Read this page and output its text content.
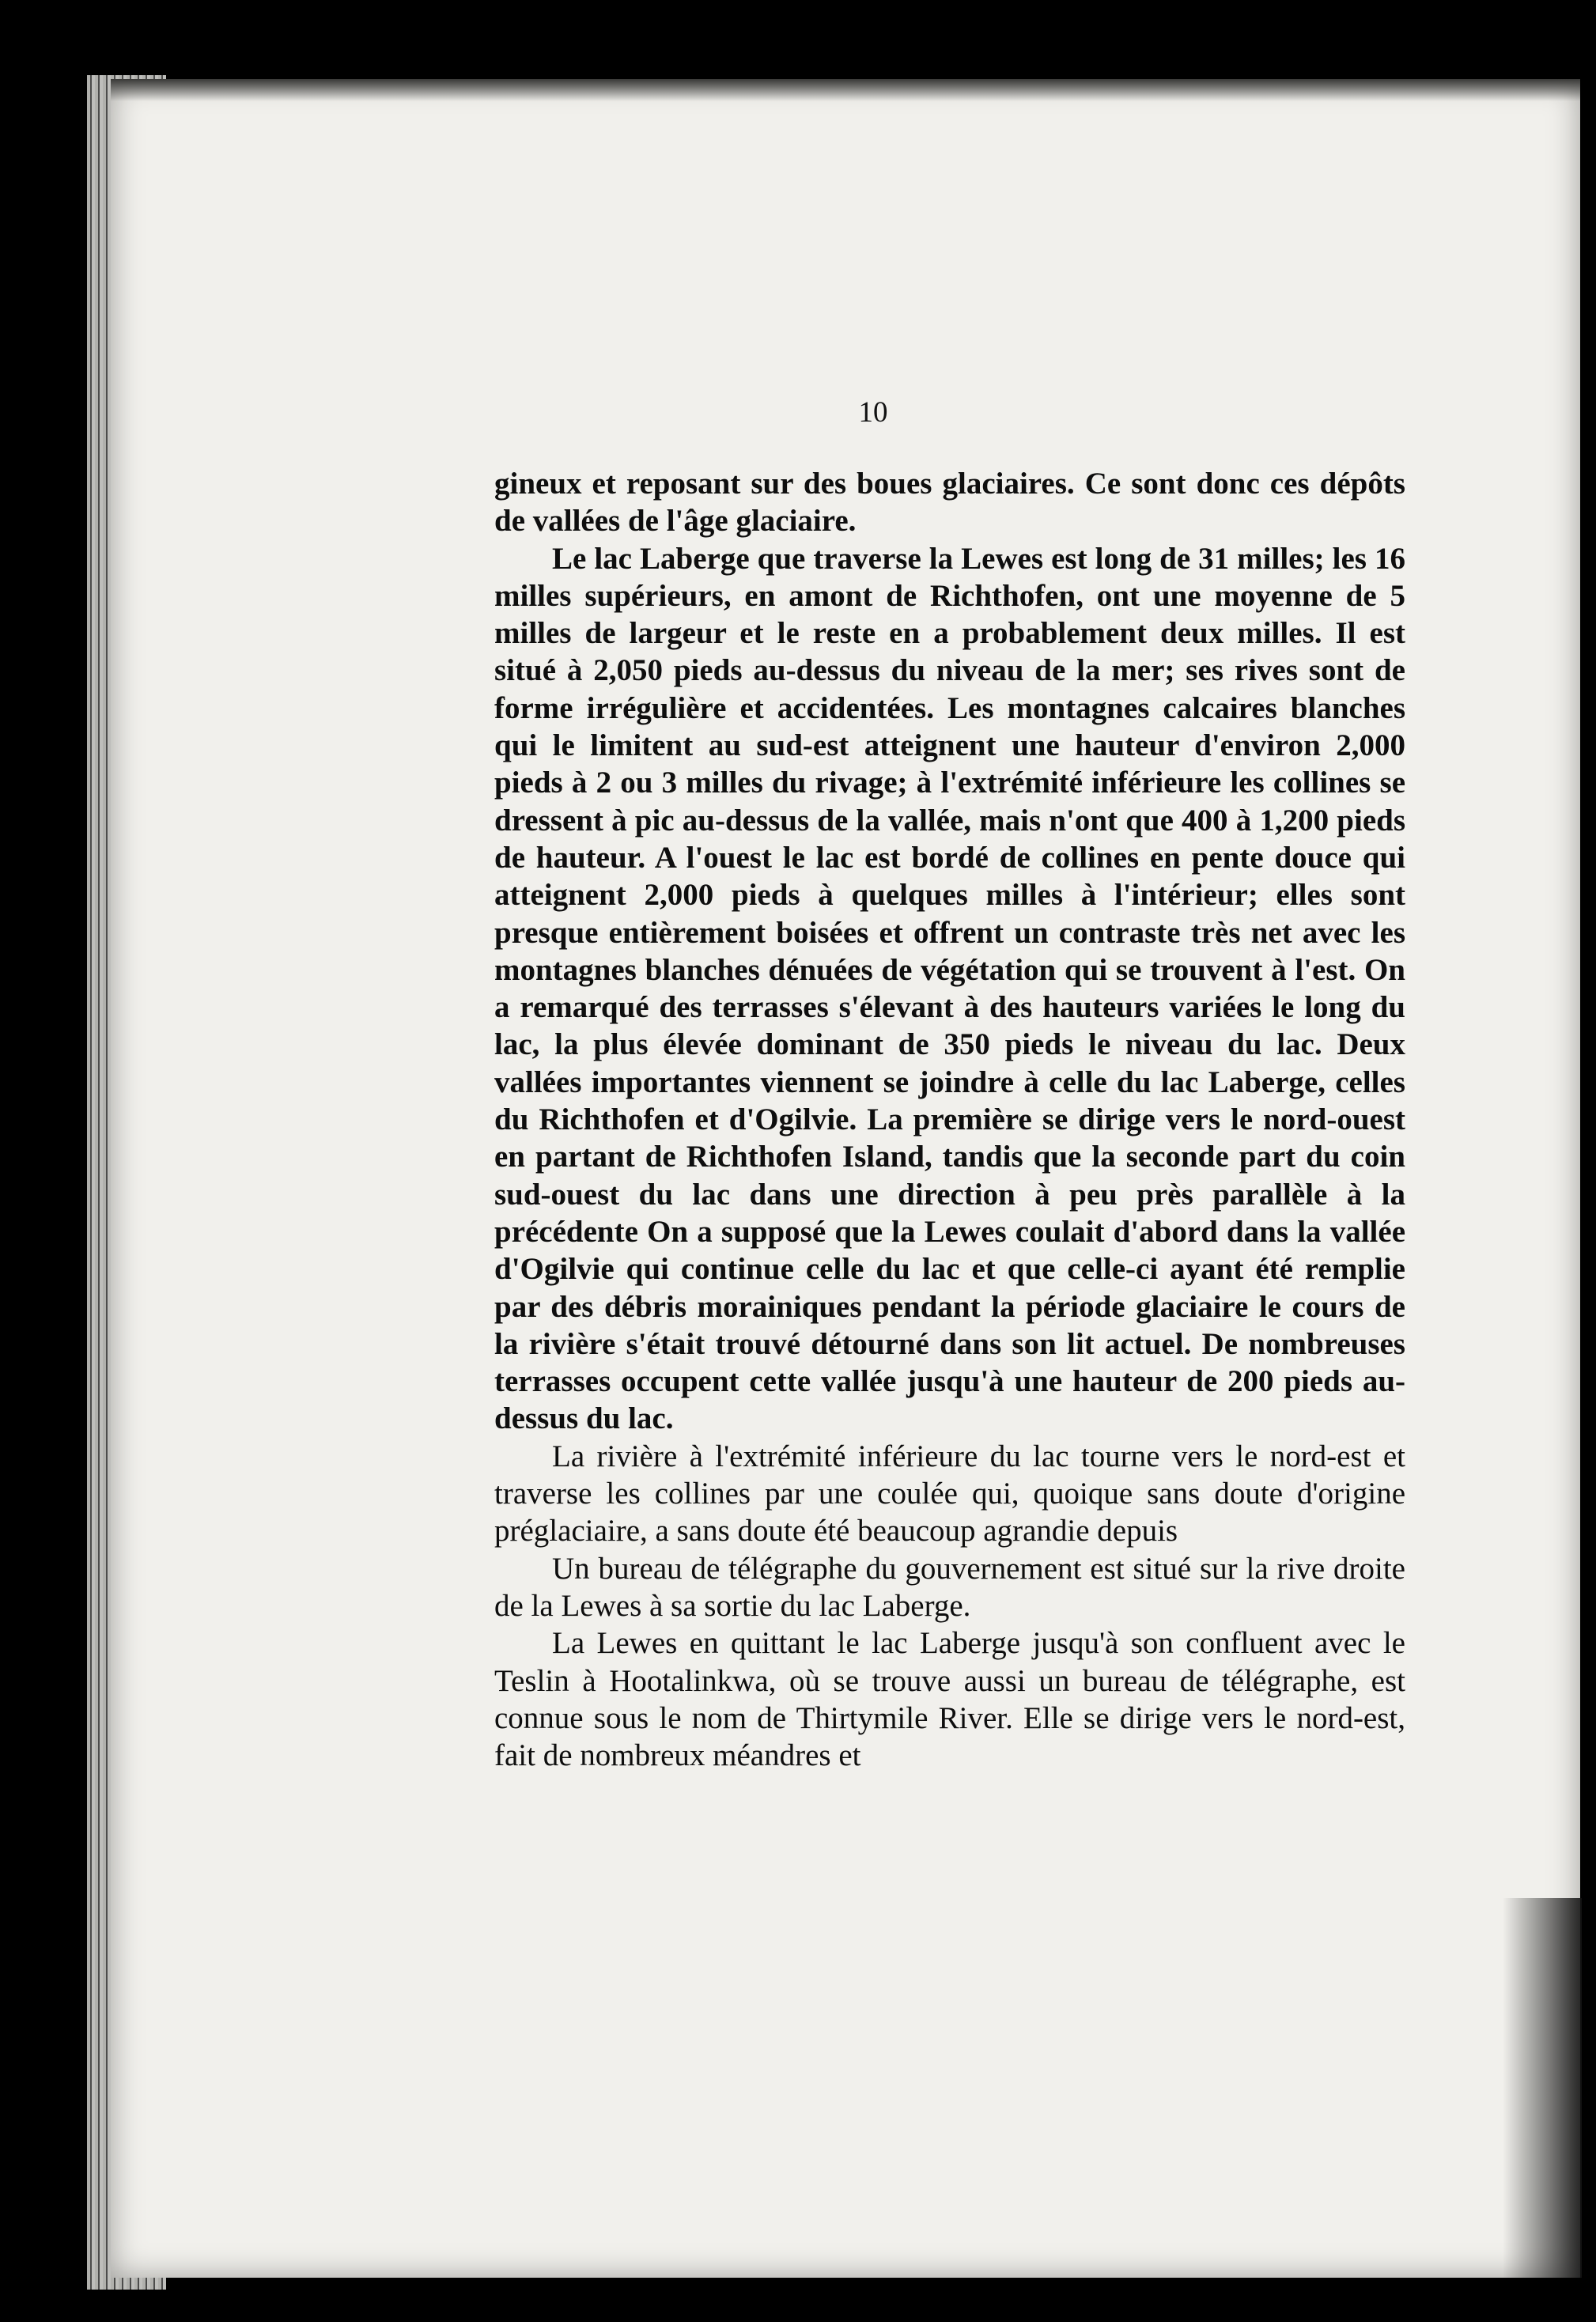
10

gineux et reposant sur des boues glaciaires. Ce sont donc ces dépôts de vallées de l'âge glaciaire.

Le lac Laberge que traverse la Lewes est long de 31 milles; les 16 milles supérieurs, en amont de Richthofen, ont une moyenne de 5 milles de largeur et le reste en a probablement deux milles. Il est situé à 2,050 pieds au-dessus du niveau de la mer; ses rives sont de forme irrégulière et accidentées. Les montagnes calcaires blanches qui le limitent au sud-est atteignent une hauteur d'environ 2,000 pieds à 2 ou 3 milles du rivage; à l'extrémité inférieure les collines se dressent à pic au-dessus de la vallée, mais n'ont que 400 à 1,200 pieds de hauteur. A l'ouest le lac est bordé de collines en pente douce qui atteignent 2,000 pieds à quelques milles à l'intérieur; elles sont presque entièrement boisées et offrent un contraste très net avec les montagnes blanches dénuées de végétation qui se trouvent à l'est. On a remarqué des terrasses s'élevant à des hauteurs variées le long du lac, la plus élevée dominant de 350 pieds le niveau du lac. Deux vallées importantes viennent se joindre à celle du lac Laberge, celles du Richthofen et d'Ogilvie. La première se dirige vers le nord-ouest en partant de Richthofen Island, tandis que la seconde part du coin sud-ouest du lac dans une direction à peu près parallèle à la précédente On a supposé que la Lewes coulait d'abord dans la vallée d'Ogilvie qui continue celle du lac et que celle-ci ayant été remplie par des débris morainiques pendant la période glaciaire le cours de la rivière s'était trouvé détourné dans son lit actuel. De nombreuses terrasses occupent cette vallée jusqu'à une hauteur de 200 pieds au-dessus du lac.

La rivière à l'extrémité inférieure du lac tourne vers le nord-est et traverse les collines par une coulée qui, quoique sans doute d'origine préglaciaire, a sans doute été beaucoup agrandie depuis

Un bureau de télégraphe du gouvernement est situé sur la rive droite de la Lewes à sa sortie du lac Laberge.

La Lewes en quittant le lac Laberge jusqu'à son confluent avec le Teslin à Hootalinkwa, où se trouve aussi un bureau de télégraphe, est connue sous le nom de Thirtymile River. Elle se dirige vers le nord-est, fait de nombreux méandres et
